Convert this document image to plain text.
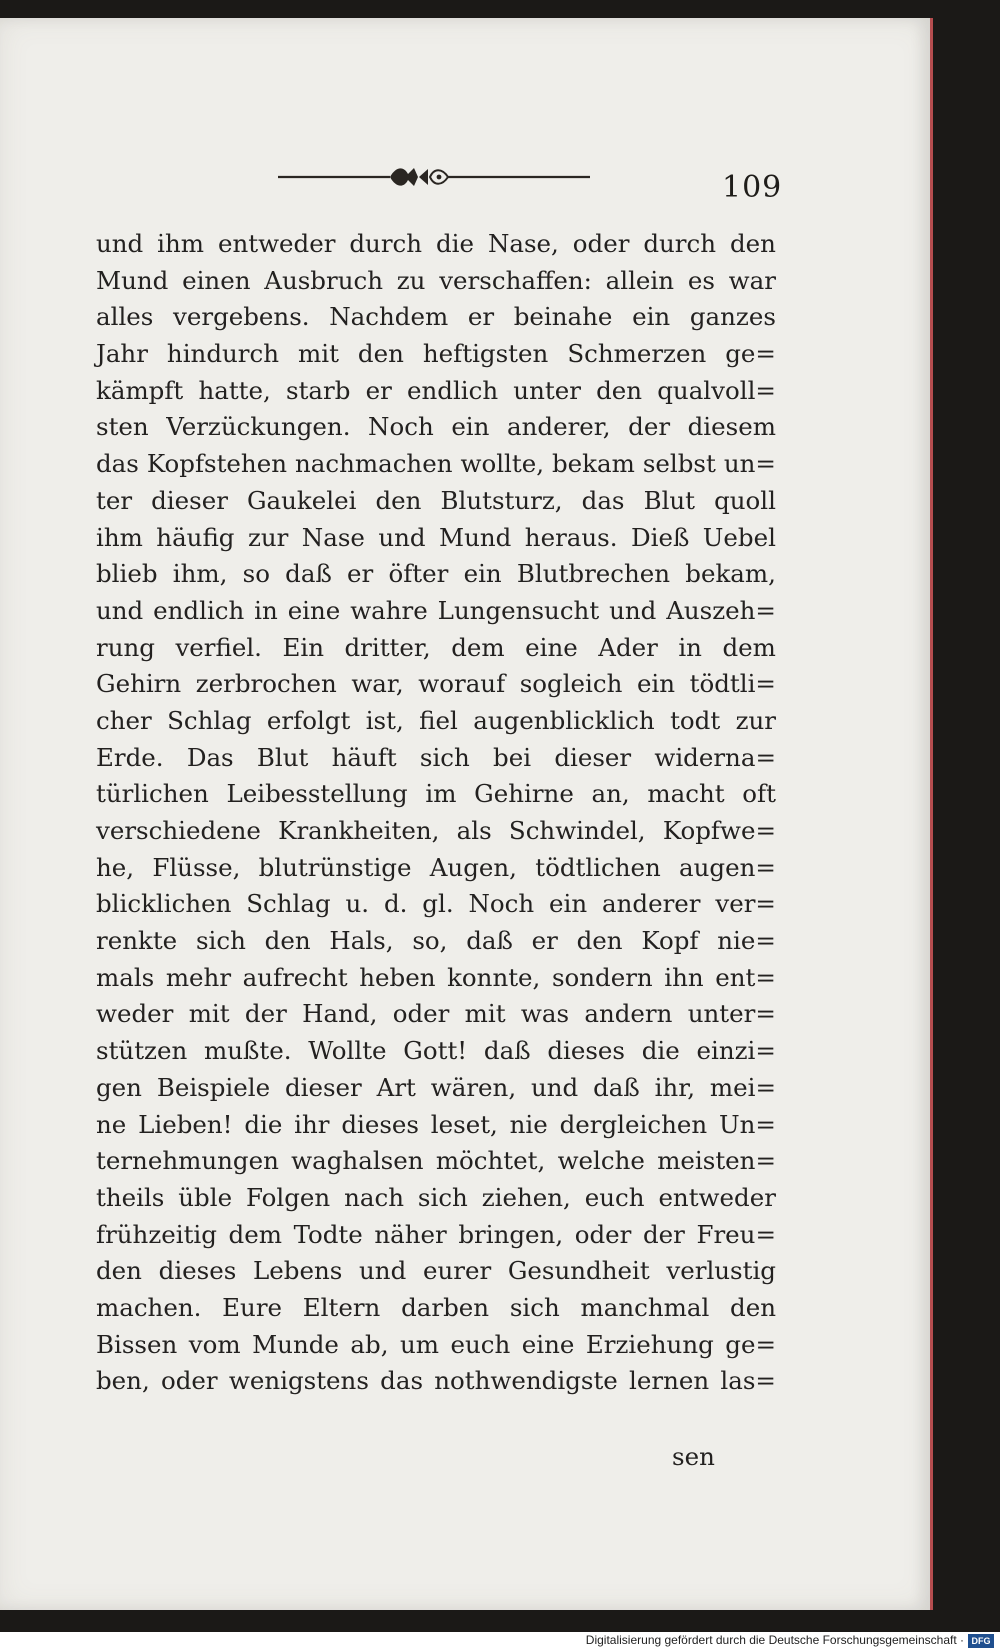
109
und ihm entweder durch die Nase, oder durch den
Mund einen Ausbruch zu verschaffen: allein es war
alles vergebens. Nachdem er beinahe ein ganzes
Jahr hindurch mit den heftigsten Schmerzen ge=
kämpft hatte, starb er endlich unter den qualvoll=
sten Verzückungen. Noch ein anderer, der diesem
das Kopfstehen nachmachen wollte, bekam selbst un=
ter dieser Gaukelei den Blutsturz, das Blut quoll
ihm häufig zur Nase und Mund heraus. Dieß Uebel
blieb ihm, so daß er öfter ein Blutbrechen bekam,
und endlich in eine wahre Lungensucht und Auszeh=
rung verfiel. Ein dritter, dem eine Ader in dem
Gehirn zerbrochen war, worauf sogleich ein tödtli=
cher Schlag erfolgt ist, fiel augenblicklich todt zur
Erde. Das Blut häuft sich bei dieser widerna=
türlichen Leibesstellung im Gehirne an, macht oft
verschiedene Krankheiten, als Schwindel, Kopfwe=
he, Flüsse, blutrünstige Augen, tödtlichen augen=
blicklichen Schlag u. d. gl. Noch ein anderer ver=
renkte sich den Hals, so, daß er den Kopf nie=
mals mehr aufrecht heben konnte, sondern ihn ent=
weder mit der Hand, oder mit was andern unter=
stützen mußte. Wollte Gott! daß dieses die einzi=
gen Beispiele dieser Art wären, und daß ihr, mei=
ne Lieben! die ihr dieses leset, nie dergleichen Un=
ternehmungen waghalsen möchtet, welche meisten=
theils üble Folgen nach sich ziehen, euch entweder
frühzeitig dem Todte näher bringen, oder der Freu=
den dieses Lebens und eurer Gesundheit verlustig
machen. Eure Eltern darben sich manchmal den
Bissen vom Munde ab, um euch eine Erziehung ge=
ben, oder wenigstens das nothwendigste lernen las=
sen
Digitalisierung gefördert durch die Deutsche Forschungsgemeinschaft · DFG
